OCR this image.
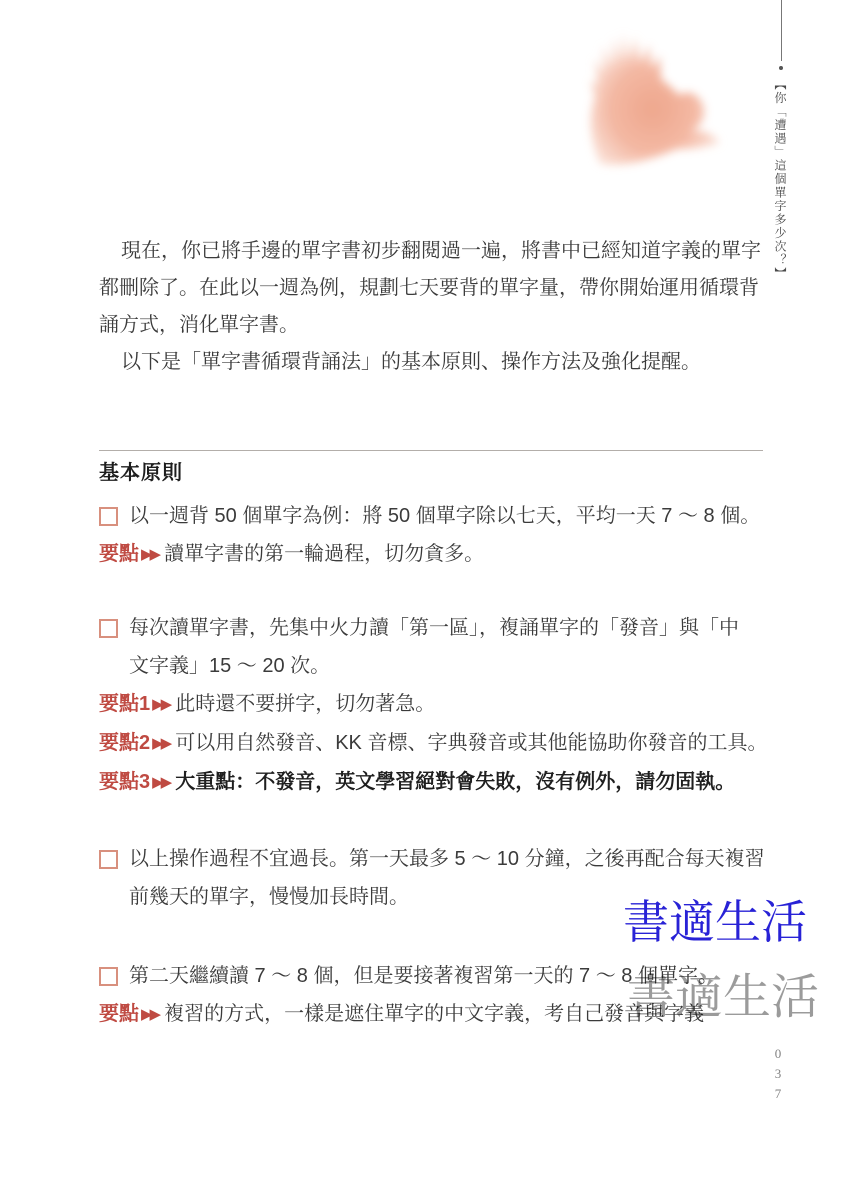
【你「遭遇」這個單字多少次？】
現在，你已將手邊的單字書初步翻閱過一遍，將書中已經知道字義的單字
都刪除了。在此以一週為例，規劃七天要背的單字量，帶你開始運用循環背
誦方式，消化單字書。
以下是「單字書循環背誦法」的基本原則、操作方法及強化提醒。
基本原則
以一週背 50 個單字為例：將 50 個單字除以七天，平均一天 7 ～ 8 個。
要點 ▶▶ 讀單字書的第一輪過程，切勿貪多。
每次讀單字書，先集中火力讀「第一區」，複誦單字的「發音」與「中
文字義」15 ～ 20 次。
要點1 ▶▶ 此時還不要拼字，切勿著急。
要點2 ▶▶ 可以用自然發音、KK 音標、字典發音或其他能協助你發音的工具。
要點3 ▶▶ 大重點：不發音，英文學習絕對會失敗，沒有例外，請勿固執。
以上操作過程不宜過長。第一天最多 5 ～ 10 分鐘，之後再配合每天複習
前幾天的單字，慢慢加長時間。
第二天繼續讀 7 ～ 8 個，但是要接著複習第一天的 7 ～ 8 個單字。
要點 ▶▶ 複習的方式，一樣是遮住單字的中文字義，考自己發音與字義
書適生活
書適生活
0
3
7
